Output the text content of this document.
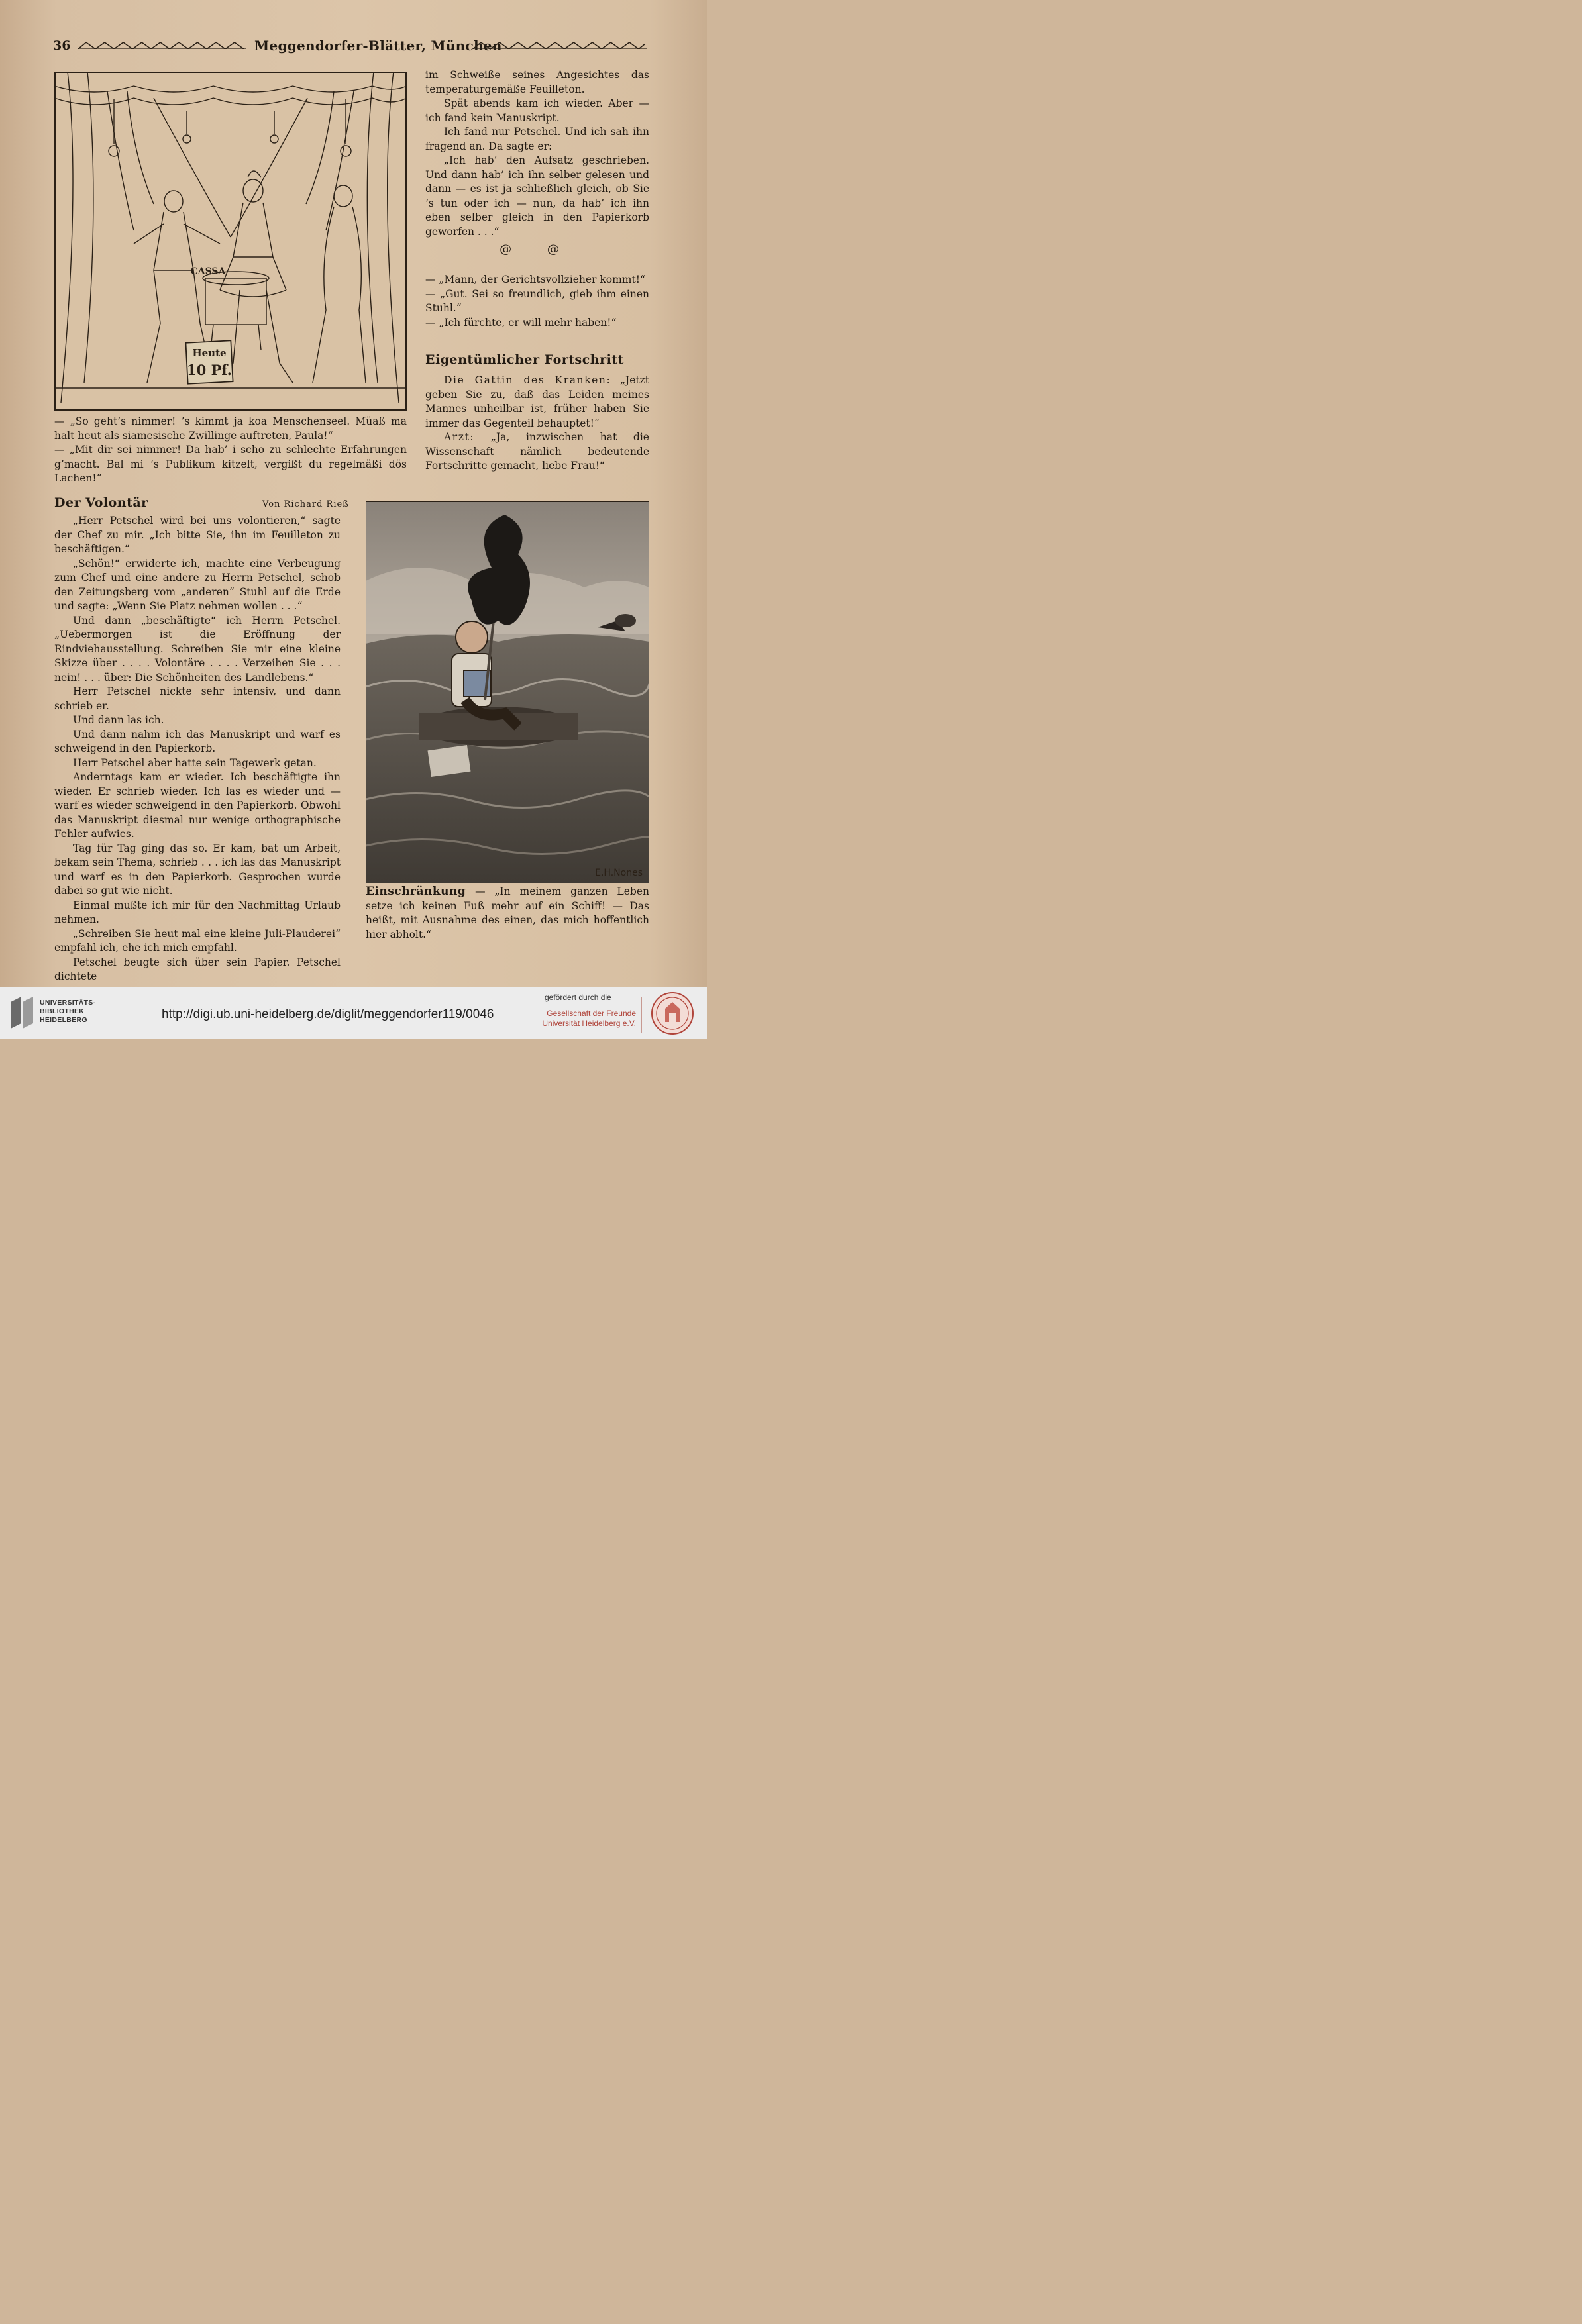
36	Meggendorfer-Blätter, München
CASSA
Heute
10 Pf.

— „So geht’s nimmer! ’s kimmt ja koa Menschenseel. Müaß ma halt heut als siamesische Zwillinge auftreten, Paula!“

— „Mit dir sei nimmer! Da hab’ i scho zu schlechte Erfahrungen g’macht. Bal mi ’s Publikum kitzelt, vergißt du regelmäßi dös Lachen!“

im Schweiße seines Angesichtes das temperaturgemäße Feuilleton.

Spät abends kam ich wieder. Aber — ich fand kein Manuskript.

Ich fand nur Petschel. Und ich sah ihn fragend an. Da sagte er:

„Ich hab’ den Aufsatz geschrieben. Und dann hab’ ich ihn selber gelesen und dann — es ist ja schließlich gleich, ob Sie ’s tun oder ich — nun, da hab’ ich ihn eben selber gleich in den Papierkorb geworfen . . .“

@ @

— „Mann, der Gerichtsvollzieher kommt!“

— „Gut. Sei so freundlich, gieb ihm einen Stuhl.“

— „Ich fürchte, er will mehr haben!“

Eigentümlicher Fortschritt

Die Gattin des Kranken: „Jetzt geben Sie zu, daß das Leiden meines Mannes unheilbar ist, früher haben Sie immer das Gegenteil behauptet!“

Arzt: „Ja, inzwischen hat die Wissenschaft nämlich bedeutende Fortschritte gemacht, liebe Frau!“

Der Volontär	Von Richard Rieß

„Herr Petschel wird bei uns volontieren,“ sagte der Chef zu mir. „Ich bitte Sie, ihn im Feuilleton zu beschäftigen.“

„Schön!“ erwiderte ich, machte eine Verbeugung zum Chef und eine andere zu Herrn Petschel, schob den Zeitungsberg vom „anderen“ Stuhl auf die Erde und sagte: „Wenn Sie Platz nehmen wollen . . .“

Und dann „beschäftigte“ ich Herrn Petschel. „Uebermorgen ist die Eröffnung der Rindviehausstellung. Schreiben Sie mir eine kleine Skizze über . . . . Volontäre . . . . Verzeihen Sie . . . nein! . . . über: Die Schönheiten des Landlebens.“

Herr Petschel nickte sehr intensiv, und dann schrieb er.

Und dann las ich.

Und dann nahm ich das Manuskript und warf es schweigend in den Papierkorb.

Herr Petschel aber hatte sein Tagewerk getan.

Anderntags kam er wieder. Ich beschäftigte ihn wieder. Er schrieb wieder. Ich las es wieder und — warf es wieder schweigend in den Papierkorb. Obwohl das Manuskript diesmal nur wenige orthographische Fehler aufwies.

Tag für Tag ging das so. Er kam, bat um Arbeit, bekam sein Thema, schrieb . . . ich las das Manuskript und warf es in den Papierkorb. Gesprochen wurde dabei so gut wie nicht.

Einmal mußte ich mir für den Nachmittag Urlaub nehmen.

„Schreiben Sie heut mal eine kleine Juli-Plauderei“ empfahl ich, ehe ich mich empfahl.

Petschel beugte sich über sein Papier. Petschel dichtete

E.H.Nones

Einschränkung — „In meinem ganzen Leben setze ich keinen Fuß mehr auf ein Schiff! — Das heißt, mit Ausnahme des einen, das mich hoffentlich hier abholt.“

UNIVERSITÄTS-
BIBLIOTHEK
HEIDELBERG	http://digi.ub.uni-heidelberg.de/diglit/meggendorfer119/0046
gefördert durch die
Gesellschaft der Freunde
Universität Heidelberg e.V.
